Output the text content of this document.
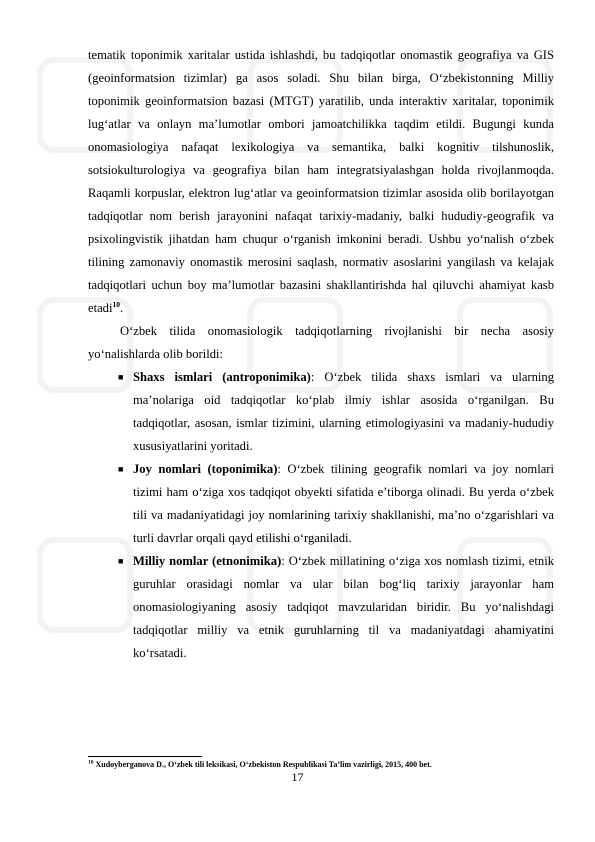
tematik toponimik xaritalar ustida ishlashdi, bu tadqiqotlar onomastik geografiya va GIS (geoinformatsion tizimlar) ga asos soladi. Shu bilan birga, O‘zbekistonning Milliy toponimik geoinformatsion bazasi (MTGT) yaratilib, unda interaktiv xaritalar, toponimik lug‘atlar va onlayn ma’lumotlar ombori jamoatchilikka taqdim etildi. Bugungi kunda onomasiologiya nafaqat lexikologiya va semantika, balki kognitiv tilshunoslik, sotsiokulturologiya va geografiya bilan ham integratsiyalashgan holda rivojlanmoqda. Raqamli korpuslar, elektron lug‘atlar va geoinformatsion tizimlar asosida olib borilayotgan tadqiqotlar nom berish jarayonini nafaqat tarixiy-madaniy, balki hududiy-geografik va psixolingvistik jihatdan ham chuqur o‘rganish imkonini beradi. Ushbu yo‘nalish o‘zbek tilining zamonaviy onomastik merosini saqlash, normativ asoslarini yangilash va kelajak tadqiqotlari uchun boy ma’lumotlar bazasini shakllantirishda hal qiluvchi ahamiyat kasb etadi$^{10}$.

O‘zbek tilida onomasiologik tadqiqotlarning rivojlanishi bir necha asosiy yo‘nalishlarda olib borildi:

■ Shaxs ismlari (antroponimika): O‘zbek tilida shaxs ismlari va ularning ma’nolariga oid tadqiqotlar ko‘plab ilmiy ishlar asosida o‘rganilgan. Bu tadqiqotlar, asosan, ismlar tizimini, ularning etimologiyasini va madaniy-hududiy xususiyatlarini yoritadi.
■ Joy nomlari (toponimika): O‘zbek tilining geografik nomlari va joy nomlari tizimi ham o‘ziga xos tadqiqot obyekti sifatida e’tiborga olinadi. Bu yerda o‘zbek tili va madaniyatidagi joy nomlarining tarixiy shakllanishi, ma’no o‘zgarishlari va turli davrlar orqali qayd etilishi o‘rganiladi.
■ Milliy nomlar (etnonimika): O‘zbek millatining o‘ziga xos nomlash tizimi, etnik guruhlar orasidagi nomlar va ular bilan bog‘liq tarixiy jarayonlar ham onomasiologiyaning asosiy tadqiqot mavzularidan biridir. Bu yo‘nalishdagi tadqiqotlar milliy va etnik guruhlarning til va madaniyatdagi ahamiyatini ko‘rsatadi.
$^{10}$ Xudoyberganova D., O‘zbek tili leksikasi, O‘zbekiston Respublikasi Ta’lim vazirligi, 2015, 400 bet.
17
